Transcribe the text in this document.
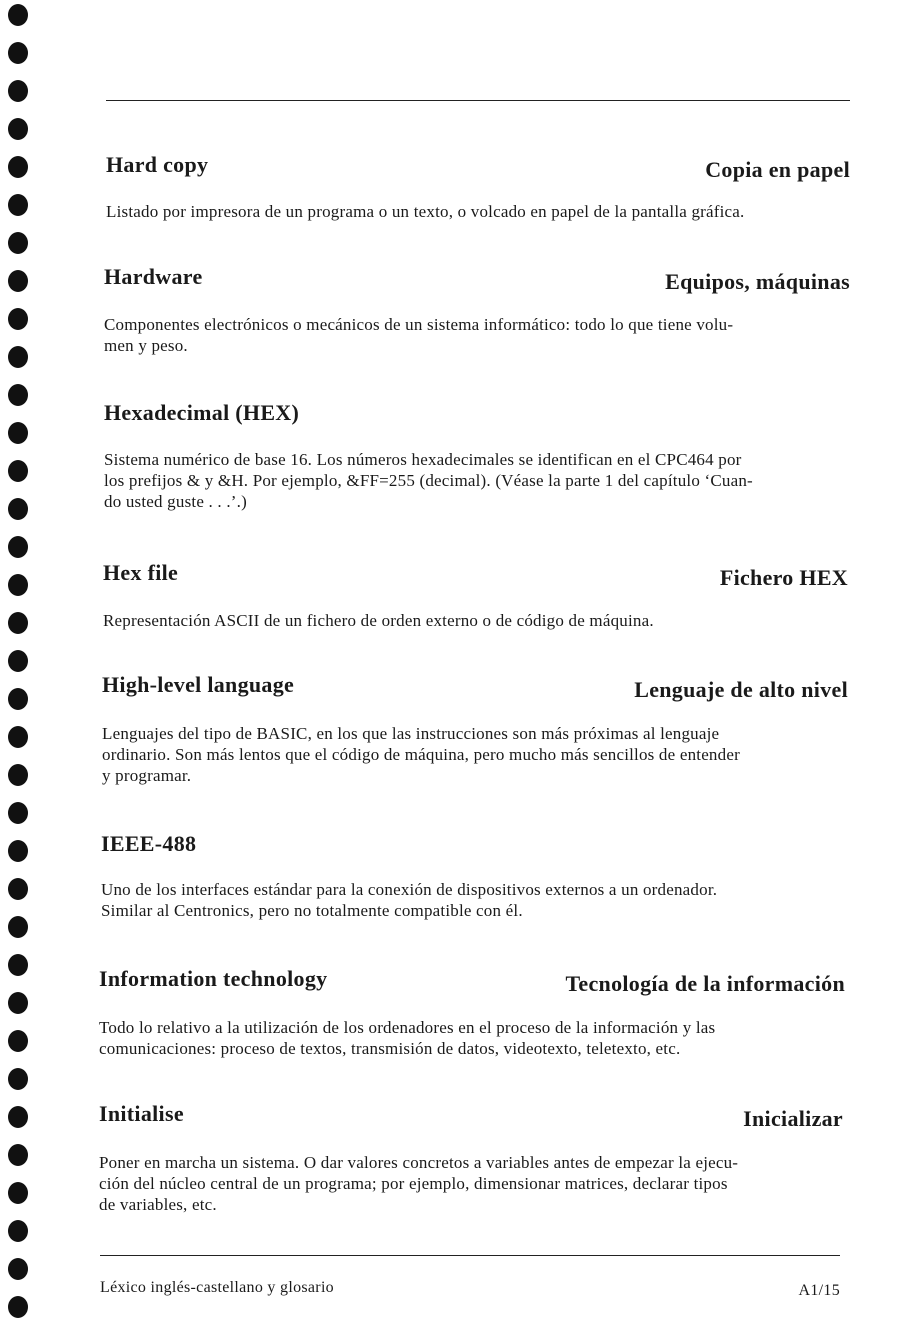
Hard copy	Copia en papel

Listado por impresora de un programa o un texto, o volcado en papel de la pantalla gráfica.

Hardware	Equipos, máquinas

Componentes electrónicos o mecánicos de un sistema informático: todo lo que tiene volu-
men y peso.

Hexadecimal (HEX)

Sistema numérico de base 16. Los números hexadecimales se identifican en el CPC464 por
los prefijos & y &H. Por ejemplo, &FF=255 (decimal). (Véase la parte 1 del capítulo ‘Cuan-
do usted guste . . .’.)

Hex file	Fichero HEX

Representación ASCII de un fichero de orden externo o de código de máquina.

High-level language	Lenguaje de alto nivel

Lenguajes del tipo de BASIC, en los que las instrucciones son más próximas al lenguaje
ordinario. Son más lentos que el código de máquina, pero mucho más sencillos de entender
y programar.

IEEE-488

Uno de los interfaces estándar para la conexión de dispositivos externos a un ordenador.
Similar al Centronics, pero no totalmente compatible con él.

Information technology	Tecnología de la información

Todo lo relativo a la utilización de los ordenadores en el proceso de la información y las
comunicaciones: proceso de textos, transmisión de datos, videotexto, teletexto, etc.

Initialise	Inicializar

Poner en marcha un sistema. O dar valores concretos a variables antes de empezar la ejecu-
ción del núcleo central de un programa; por ejemplo, dimensionar matrices, declarar tipos
de variables, etc.

Léxico inglés-castellano y glosario	A1/15
